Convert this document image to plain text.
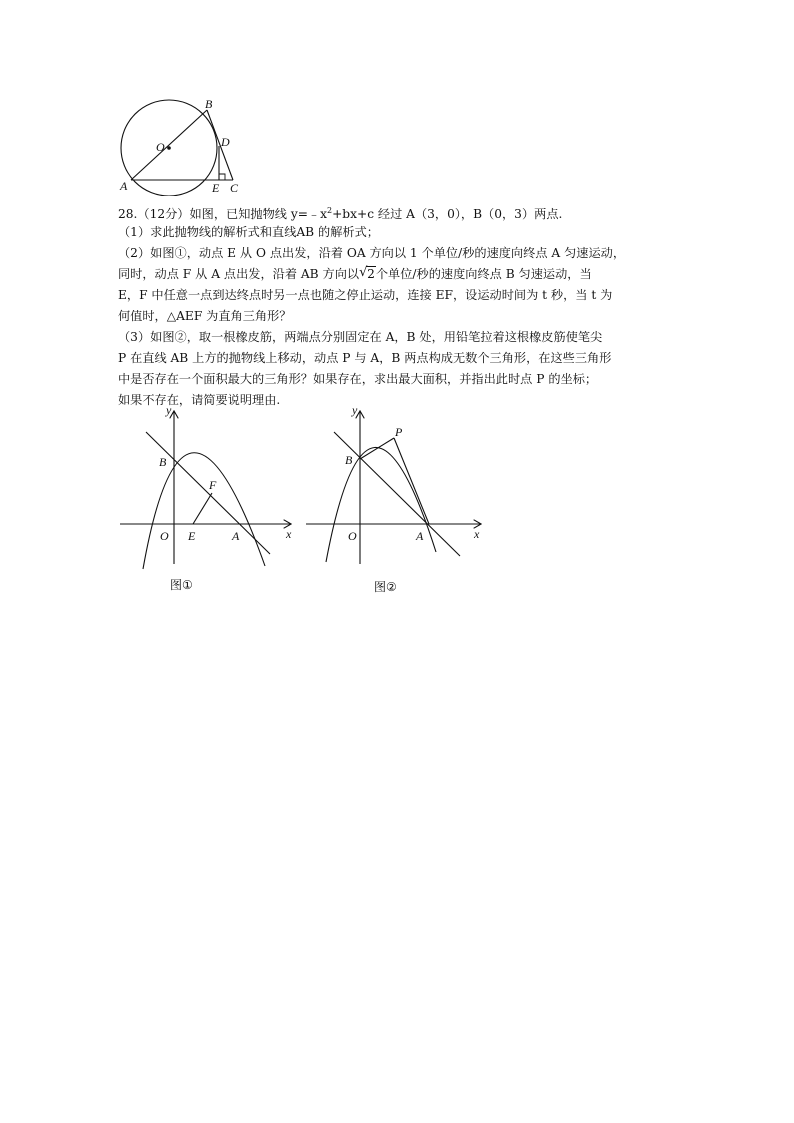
B
O	D
A	E C
28.（12分）如图，已知抛物线 $y=﹣x^2+bx+c$ 经过 A（3，0），B（0，3）两点.
（1）求此抛物线的解析式和直线AB 的解析式；
（2）如图①，动点 E 从 O 点出发，沿着 OA 方向以 1 个单位/秒的速度向终点 A 匀速运动，
同时，动点 F 从 A 点出发，沿着 AB 方向以 √ 2个单位/秒的速度向终点 B 匀速运动，当
E，F 中任意一点到达终点时另一点也随之停止运动，连接 EF，设运动时间为 t 秒，当 t 为
何值时，△AEF 为直角三角形？
（3）如图②，取一根橡皮筋，两端点分别固定在 A，B 处，用铅笔拉着这根橡皮筋使笔尖
P 在直线 AB 上方的抛物线上移动，动点 P 与 A，B 两点构成无数个三角形，在这些三角形
中是否存在一个面积最大的三角形？如果存在，求出最大面积，并指出此时点 P 的坐标；
如果不存在，请简要说明理由.
y
B
F
O E	A	x
图①
y
P
B
O	A	x
图②
